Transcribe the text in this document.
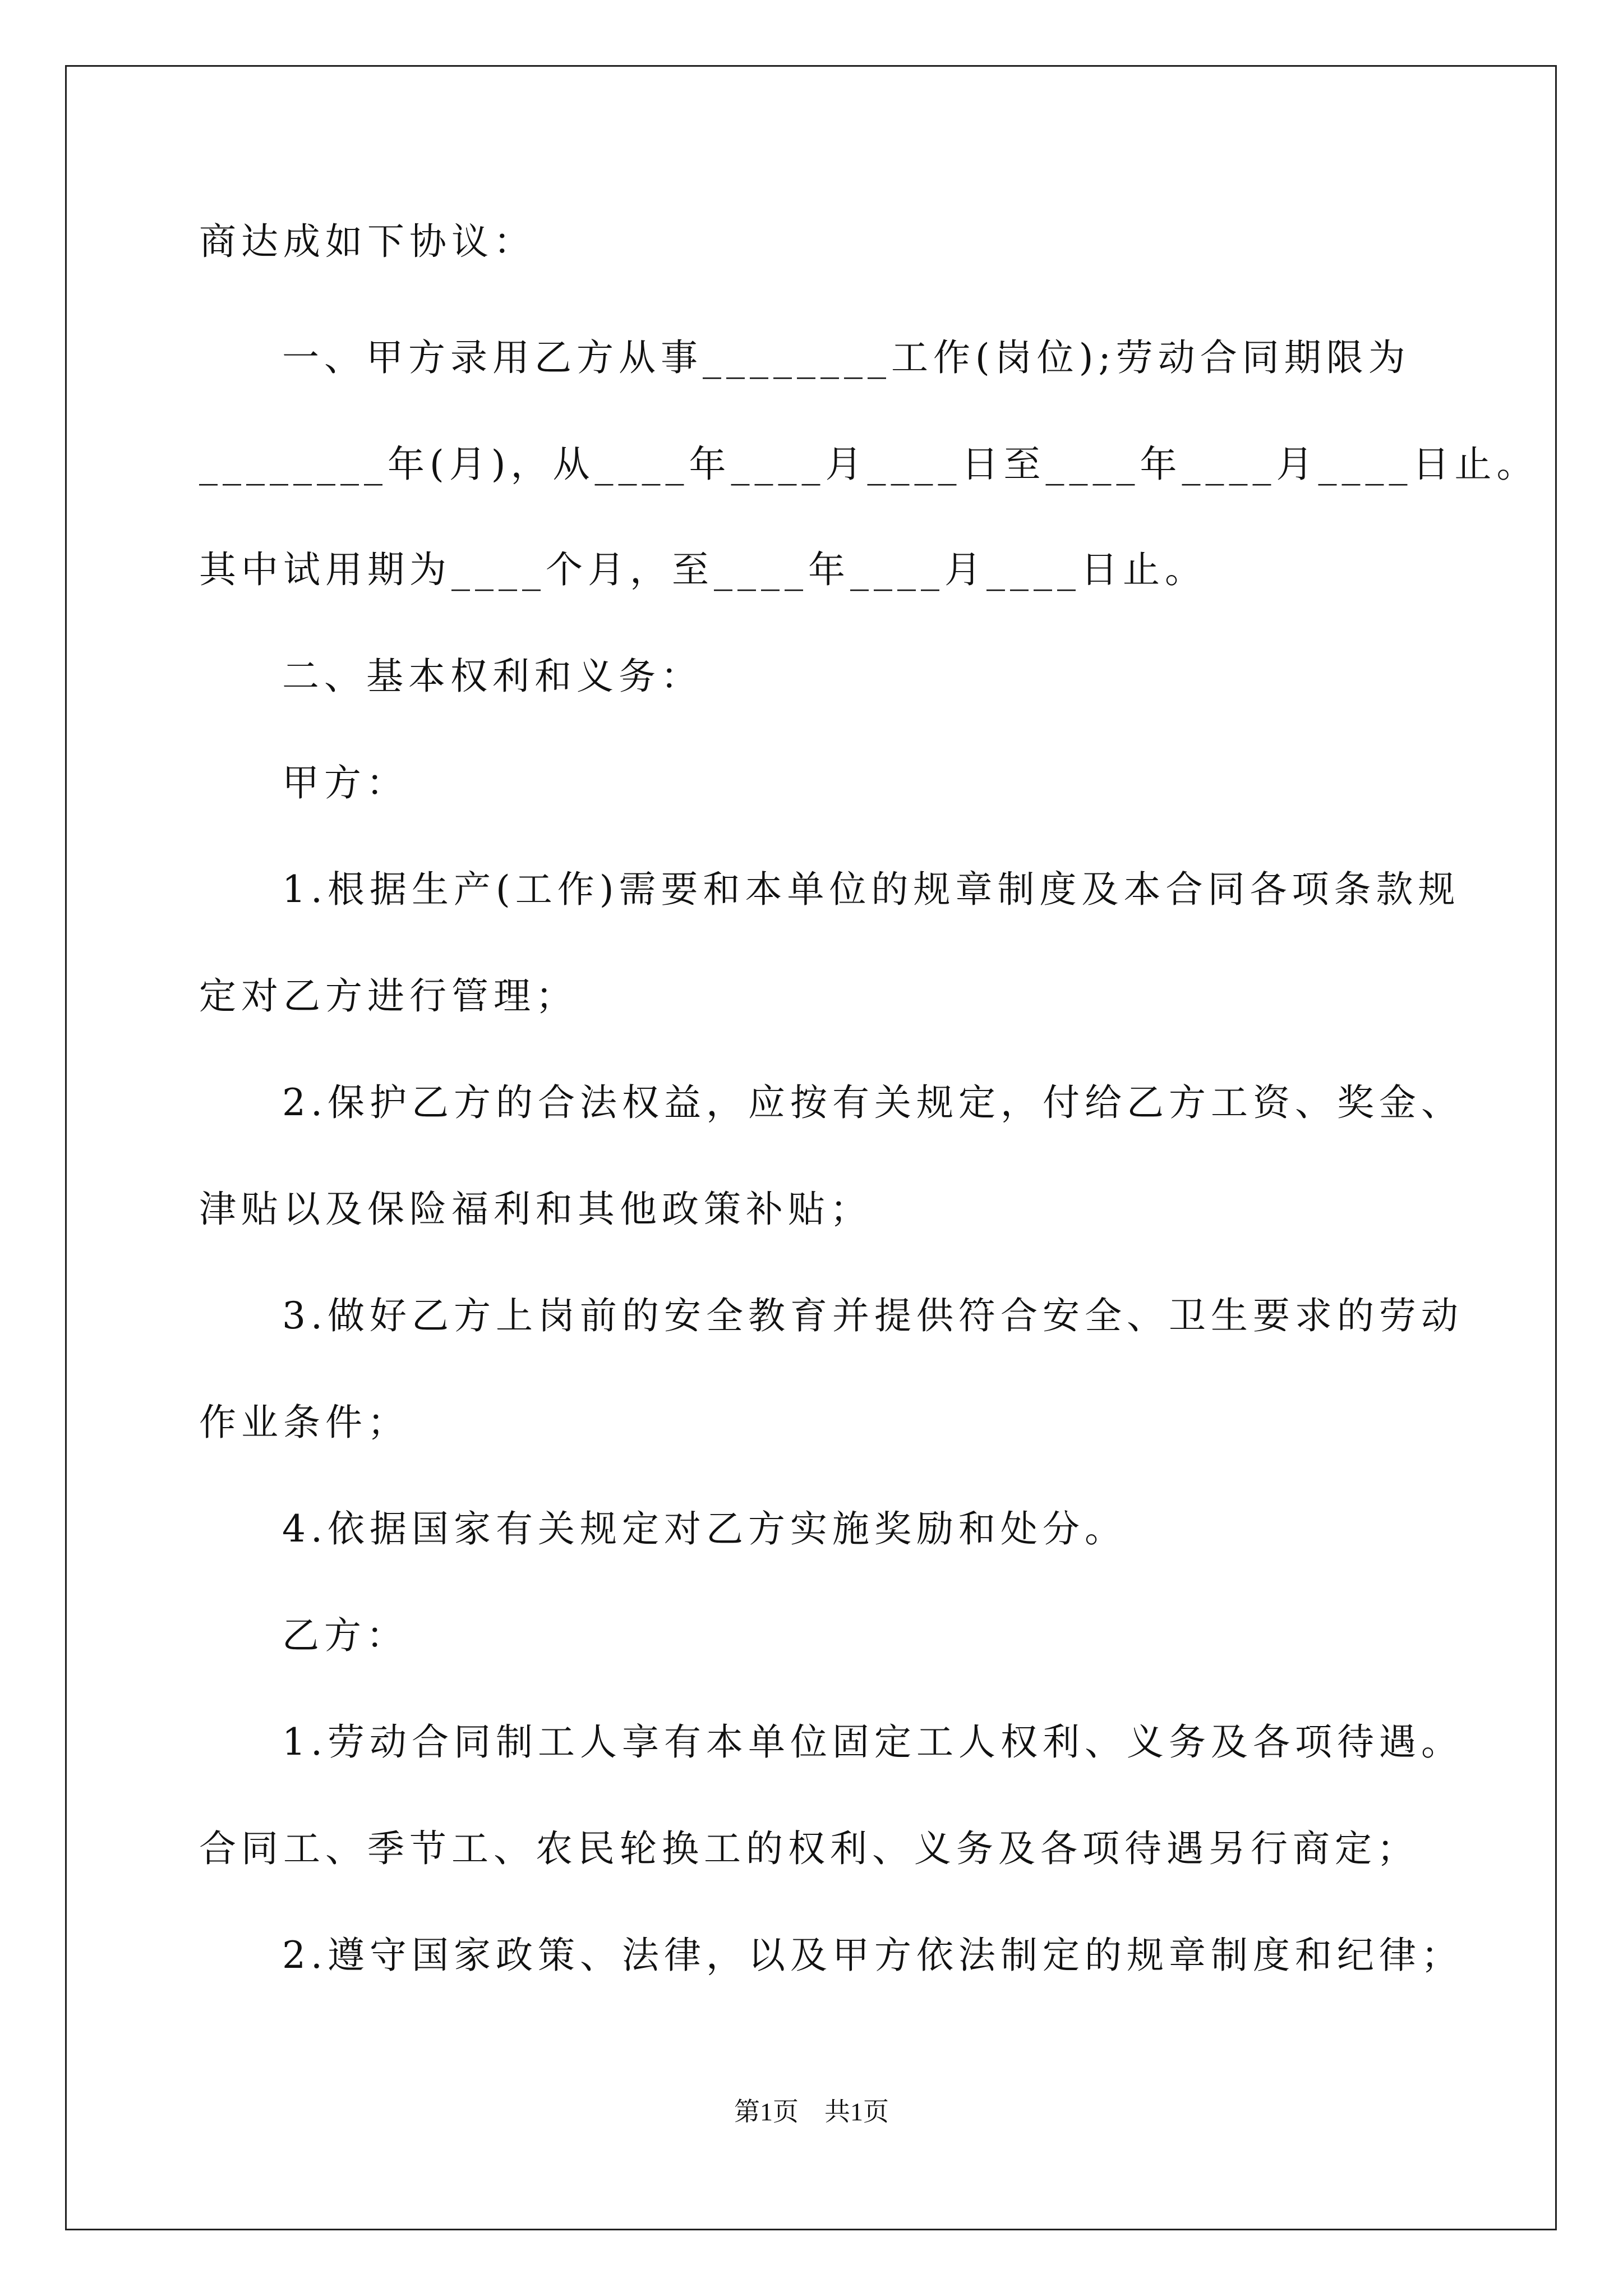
商达成如下协议：
一、甲方录用乙方从事________工作(岗位);劳动合同期限为
________年(月)，从____年____月____日至____年____月____日止。
其中试用期为____个月，至____年____月____日止。
二、基本权利和义务：
甲方：
1.根据生产(工作)需要和本单位的规章制度及本合同各项条款规
定对乙方进行管理；
2.保护乙方的合法权益，应按有关规定，付给乙方工资、奖金、
津贴以及保险福利和其他政策补贴；
3.做好乙方上岗前的安全教育并提供符合安全、卫生要求的劳动
作业条件；
4.依据国家有关规定对乙方实施奖励和处分。
乙方：
1.劳动合同制工人享有本单位固定工人权利、义务及各项待遇。
合同工、季节工、农民轮换工的权利、义务及各项待遇另行商定；
2.遵守国家政策、法律，以及甲方依法制定的规章制度和纪律；
第1页　共1页
